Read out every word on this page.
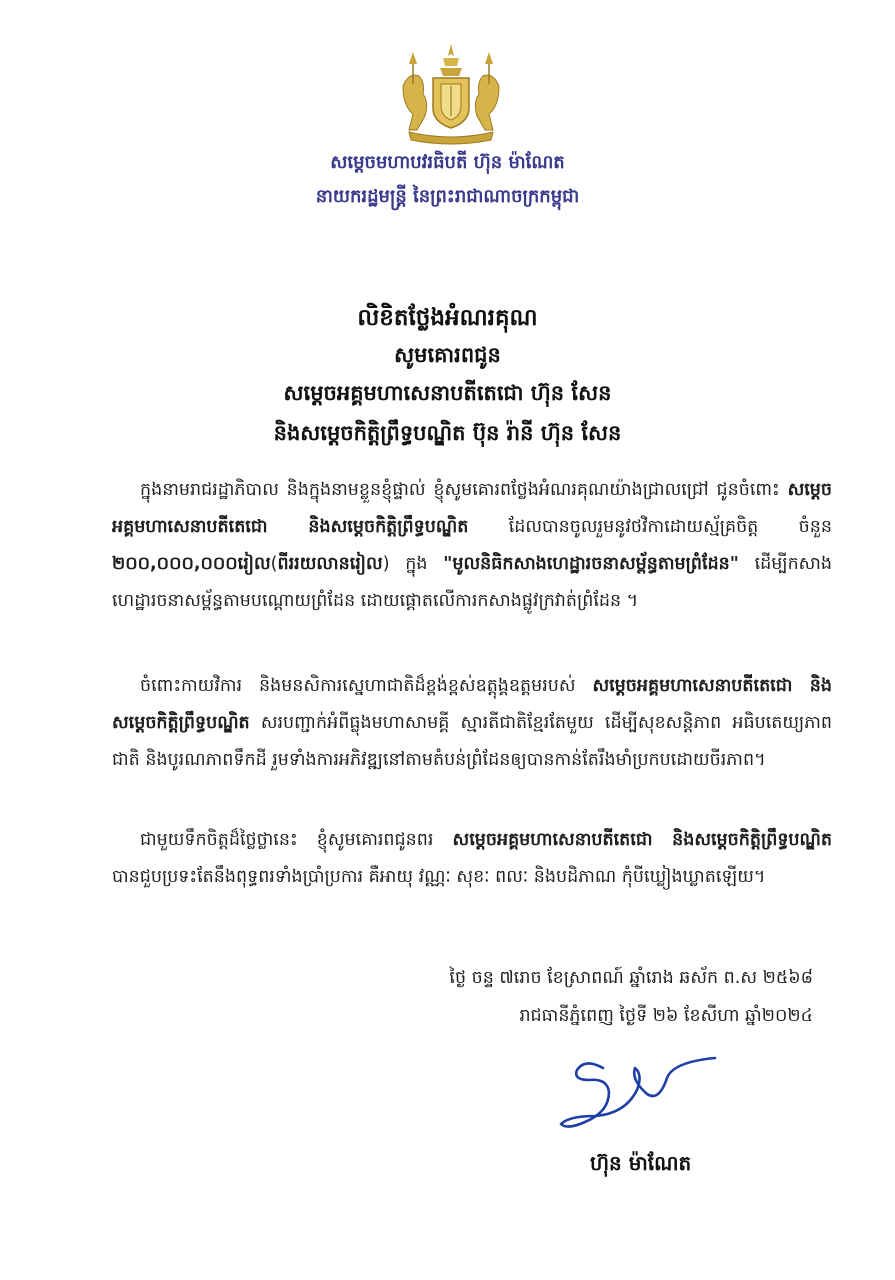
សម្ដេចមហាបវរធិបតី ហ៊ុន ម៉ាណែត
នាយករដ្ឋមន្ត្រី នៃព្រះរាជាណាចក្រកម្ពុជា
លិខិតថ្លែងអំណរគុណ
សូមគោរពជូន
សម្ដេចអគ្គមហាសេនាបតីតេជោ ហ៊ុន សែន
និងសម្ដេចកិត្តិព្រឹទ្ធបណ្ឌិត ប៊ុន រ៉ានី ហ៊ុន សែន
ក្នុងនាមរាជរដ្ឋាភិបាល និងក្នុងនាមខ្លួនខ្ញុំផ្ទាល់ ខ្ញុំសូមគោរពថ្លែងអំណរគុណយ៉ាងជ្រាលជ្រៅ ជូនចំពោះ សម្ដេចអគ្គមហាសេនាបតីតេជោ និងសម្ដេចកិត្តិព្រឹទ្ធបណ្ឌិត ដែលបានចូលរួមនូវថវិកាដោយស្ម័គ្រចិត្ត ចំនួន ២០០,០០០,០០០រៀល(ពីររយលានរៀល) ក្នុង "មូលនិធិកសាងហេដ្ឋារចនាសម្ព័ន្ធតាមព្រំដែន" ដើម្បីកសាងហេដ្ឋារចនាសម្ព័ន្ធតាមបណ្ដោយព្រំដែន ដោយផ្ដោតលើការកសាងផ្លូវក្រវាត់ព្រំដែន ។
ចំពោះកាយវិការ និងមនសិការស្នេហាជាតិដ៏ខ្ពង់ខ្ពស់ឧត្តុង្គឧត្ដមរបស់ សម្ដេចអគ្គមហាសេនាបតីតេជោ និងសម្ដេចកិត្តិព្រឹទ្ធបណ្ឌិត សរបញ្ជាក់អំពីធ្លុងមហាសាមគ្គី ស្មារតីជាតិខ្មែរតែមួយ ដើម្បីសុខសន្តិភាព អធិបតេយ្យភាពជាតិ និងបូរណភាពទឹកដី រួមទាំងការអភិវឌ្ឍនៅតាមតំបន់ព្រំដែនឲ្យបានកាន់តែរឹងមាំប្រកបដោយចីរភាព។
ជាមួយទឹកចិត្តដ៏ថ្លៃថ្លានេះ ខ្ញុំសូមគោរពជូនពរ សម្ដេចអគ្គមហាសេនាបតីតេជោ និងសម្ដេចកិត្តិព្រឹទ្ធបណ្ឌិត បានជួបប្រទះតែនឹងពុទ្ធពរទាំងប្រាំប្រការ គឺអាយុ វណ្ណៈ សុខៈ ពលៈ និងបដិភាណ កុំបីឃ្លៀងឃ្លាតឡើយ។
ថ្ងៃ ចន្ទ ៧រោច ខែស្រាពណ៍ ឆ្នាំរោង ឆស័ក ព.ស ២៥៦៨
រាជធានីភ្នំពេញ ថ្ងៃទី ២៦ ខែសីហា ឆ្នាំ២០២៤
ហ៊ុន ម៉ាណែត
